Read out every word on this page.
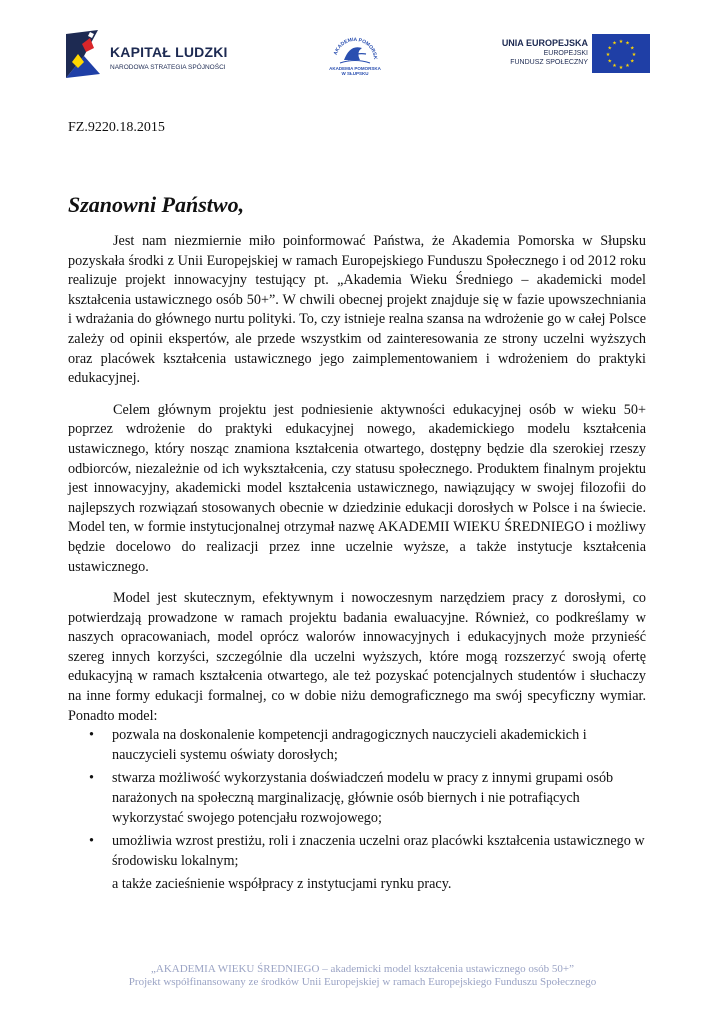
KAPITAŁ LUDZKI
NARODOWA STRATEGIA SPÓJNOŚCI
AKADEMIA POMORSK
AKADEMIA POMORSKA
W SŁUPSKU
UNIA EUROPEJSKA
EUROPEJSKI
FUNDUSZ SPOŁECZNY
★ ★
★
★
★
★
★
★
★
★
★
★
FZ.9220.18.2015
Szanowni Państwo,

Jest nam niezmiernie miło poinformować Państwa, że Akademia Pomorska w Słupsku pozyskała środki z Unii Europejskiej w ramach Europejskiego Funduszu Społecznego i od 2012 roku realizuje projekt innowacyjny testujący pt. „Akademia Wieku Średniego – akademicki model kształcenia ustawicznego osób 50+”. W chwili obecnej projekt znajduje się w fazie upowszechniania i wdrażania do głównego nurtu polityki. To, czy istnieje realna szansa na wdrożenie go w całej Polsce zależy od opinii ekspertów, ale przede wszystkim od zainteresowania ze strony uczelni wyższych oraz placówek kształcenia ustawicznego jego zaimplementowaniem i wdrożeniem do praktyki edukacyjnej.

Celem głównym projektu jest podniesienie aktywności edukacyjnej osób w wieku 50+ poprzez wdrożenie do praktyki edukacyjnej nowego, akademickiego modelu kształcenia ustawicznego, który nosząc znamiona kształcenia otwartego, dostępny będzie dla szerokiej rzeszy odbiorców, niezależnie od ich wykształcenia, czy statusu społecznego. Produktem finalnym projektu jest innowacyjny, akademicki model kształcenia ustawicznego, nawiązujący w swojej filozofii do najlepszych rozwiązań stosowanych obecnie w dziedzinie edukacji dorosłych w Polsce i na świecie. Model ten, w formie instytucjonalnej otrzymał nazwę AKADEMII WIEKU ŚREDNIEGO i możliwy będzie docelowo do realizacji przez inne uczelnie wyższe, a także instytucje kształcenia ustawicznego.

Model jest skutecznym, efektywnym i nowoczesnym narzędziem pracy z dorosłymi, co potwierdzają prowadzone w ramach projektu badania ewaluacyjne. Również, co podkreślamy w naszych opracowaniach, model oprócz walorów innowacyjnych i edukacyjnych może przynieść szereg innych korzyści, szczególnie dla uczelni wyższych, które mogą rozszerzyć swoją ofertę edukacyjną w ramach kształcenia otwartego, ale też pozyskać potencjalnych studentów i słuchaczy na inne formy edukacji formalnej, co w dobie niżu demograficznego ma swój specyficzny wymiar. Ponadto model:

• pozwala na doskonalenie kompetencji andragogicznych nauczycieli akademickich i nauczycieli systemu oświaty dorosłych;
• stwarza możliwość wykorzystania doświadczeń modelu w pracy z innymi grupami osób narażonych na społeczną marginalizację, głównie osób biernych i nie potrafiących wykorzystać swojego potencjału rozwojowego;
• umożliwia wzrost prestiżu, roli i znaczenia uczelni oraz placówki kształcenia ustawicznego w środowisku lokalnym;
a także zacieśnienie współpracy z instytucjami rynku pracy.
„AKADEMIA WIEKU ŚREDNIEGO – akademicki model kształcenia ustawicznego osób 50+”
Projekt współfinansowany ze środków Unii Europejskiej w ramach Europejskiego Funduszu Społecznego
